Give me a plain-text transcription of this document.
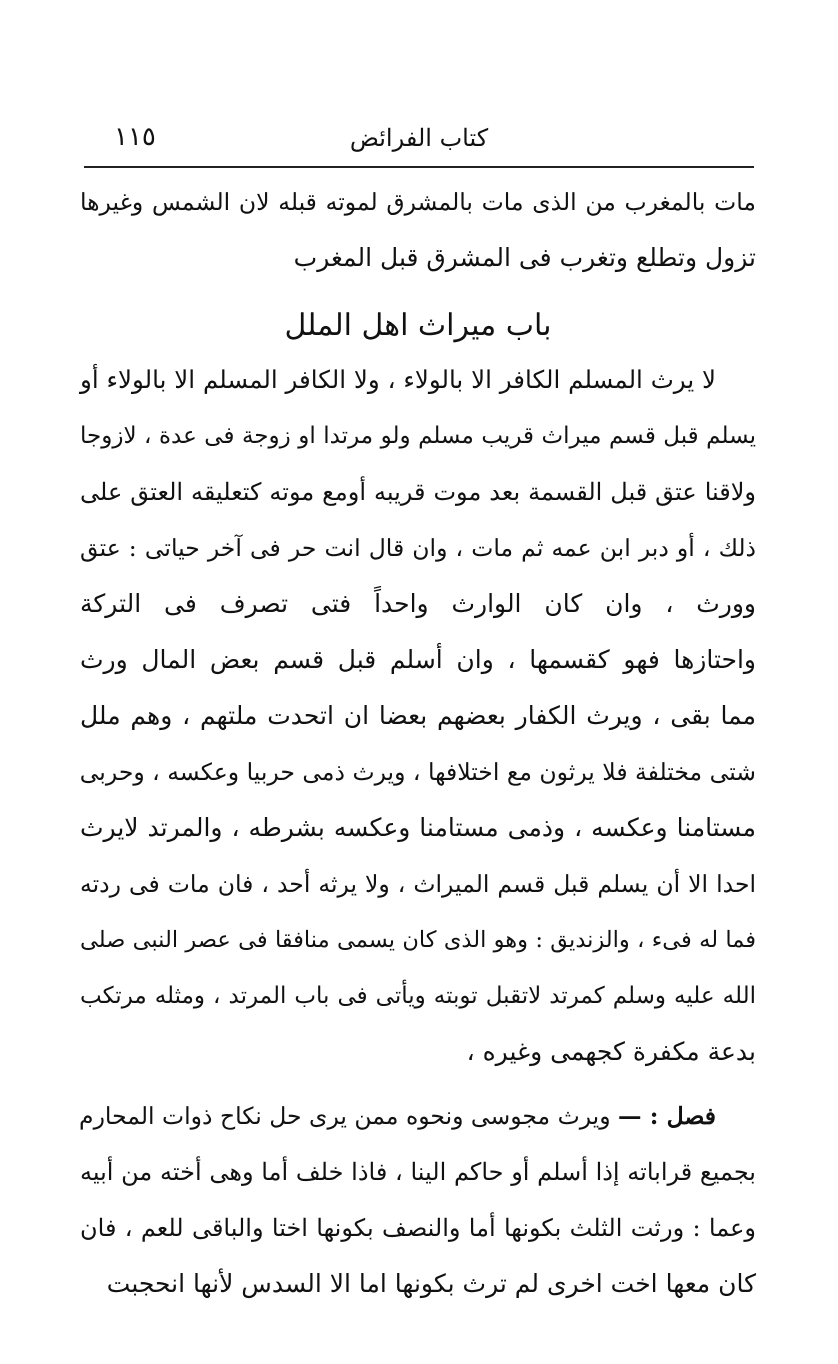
كتاب الفرائض
١١٥
مات بالمغرب من الذى مات بالمشرق لموته قبله لان الشمس وغيرها
تزول وتطلع وتغرب فى المشرق قبل المغرب
باب ميراث اهل الملل
لا يرث المسلم الكافر الا بالولاء ، ولا الكافر المسلم الا بالولاء أو
يسلم قبل قسم ميراث قريب مسلم ولو مرتدا او زوجة فى عدة ، لازوجا
ولاقنا عتق قبل القسمة بعد موت قريبه أومع موته كتعليقه العتق على
ذلك ، أو دبر ابن عمه ثم مات ، وان قال انت حر فى آخر حياتى : عتق
وورث ، وان كان الوارث واحداً فتى تصرف فى التركة
واحتازها فهو كقسمها ، وان أسلم قبل قسم بعض المال ورث
مما بقى ، ويرث الكفار بعضهم بعضا ان اتحدت ملتهم ، وهم ملل
شتى مختلفة فلا يرثون مع اختلافها ، ويرث ذمى حربيا وعكسه ، وحربى
مستامنا وعكسه ، وذمى مستامنا وعكسه بشرطه ، والمرتد لايرث
احدا الا أن يسلم قبل قسم الميراث ، ولا يرثه أحد ، فان مات فى ردته
فما له فىء ، والزنديق : وهو الذى كان يسمى منافقا فى عصر النبى صلى
الله عليه وسلم كمرتد لاتقبل توبته ويأتى فى باب المرتد ، ومثله مرتكب
بدعة مكفرة كجهمى وغيره ،
فصل : — ويرث مجوسى ونحوه ممن يرى حل نكاح ذوات المحارم
بجميع قراباته إذا أسلم أو حاكم الينا ، فاذا خلف أما وهى أخته من أبيه
وعما : ورثت الثلث بكونها أما والنصف بكونها اختا والباقى للعم ، فان
كان معها اخت اخرى لم ترث بكونها اما الا السدس لأنها انحجبت
